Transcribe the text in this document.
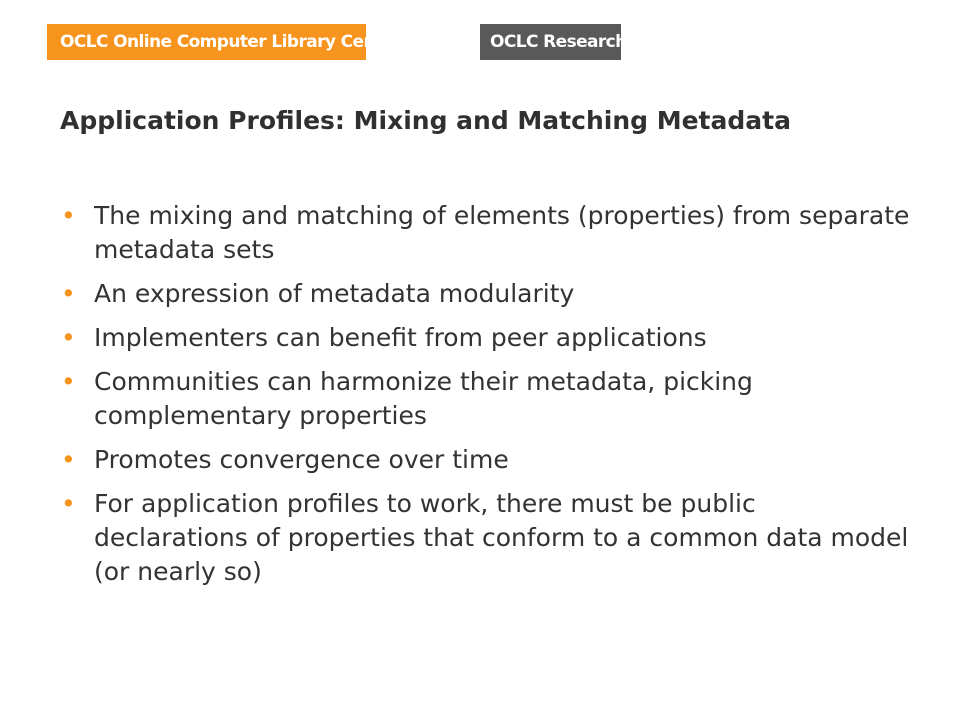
OCLC Online Computer Library Center	OCLC Research
Application Profiles: Mixing and Matching Metadata
• The mixing and matching of elements (properties) from separate metadata sets
• An expression of metadata modularity
• Implementers can benefit from peer applications
• Communities can harmonize their metadata, picking complementary properties
• Promotes convergence over time
• For application profiles to work, there must be public declarations of properties that conform to a common data model (or nearly so)
